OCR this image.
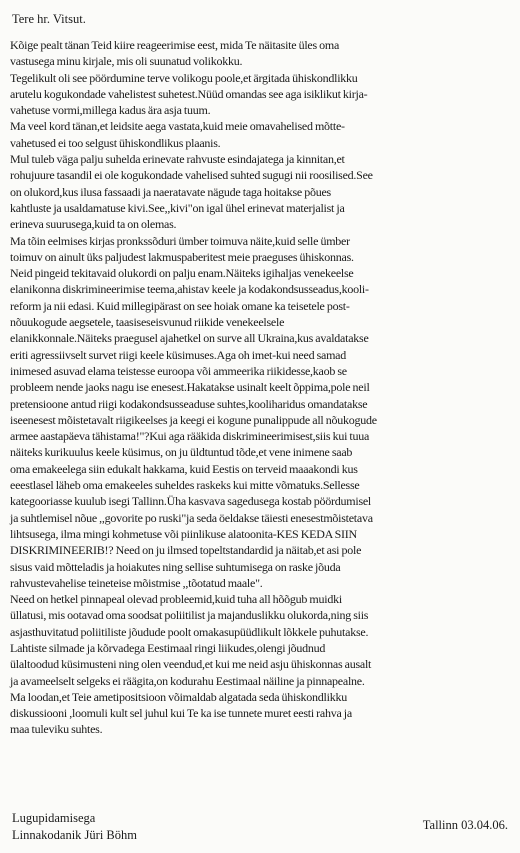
Tere hr. Vitsut.
Kõige pealt tänan Teid kiire reageerimise eest, mida Te näitasite üles oma
vastusega minu kirjale, mis oli suunatud volikokku.
Tegelikult oli see pöördumine terve volikogu poole,et ärgitada ühiskondlikku
arutelu kogukondade vahelistest suhetest.Nüüd omandas see aga isiklikut kirja-
vahetuse vormi,millega kadus ära asja tuum.
Ma veel kord tänan,et leidsite aega vastata,kuid meie omavahelised mõtte-
vahetused ei too selgust ühiskondlikus plaanis.
Mul tuleb väga palju suhelda erinevate rahvuste esindajatega ja kinnitan,et
rohujuure tasandil ei ole kogukondade vahelised suhted sugugi nii roosilised.See
on olukord,kus ilusa fassaadi ja naeratavate nägude taga hoitakse põues
kahtluste ja usaldamatuse kivi.See,,kivi"on igal ühel erinevat materjalist ja
erineva suurusega,kuid ta on olemas.
Ma tõin eelmises kirjas pronkssõduri ümber toimuva näite,kuid selle ümber
toimuv on ainult üks paljudest lakmuspaberitest meie praeguses ühiskonnas.
Neid pingeid tekitavaid olukordi on palju enam.Näiteks igihaljas venekeelse
elanikonna diskrimineerimise teema,ahistav keele ja kodakondsusseadus,kooli-
reform ja nii edasi. Kuid millegipärast on see hoiak omane ka teisetele post-
nõuukogude aegsetele, taasiseseisvunud riikide venekeelsele
elanikkonnale.Näiteks praegusel ajahetkel on surve all Ukraina,kus avaldatakse
eriti agressiivselt survet riigi keele küsimuses.Aga oh imet-kui need samad
inimesed asuvad elama teistesse euroopa või ammeerika riikidesse,kaob se
probleem nende jaoks nagu ise enesest.Hakatakse usinalt keelt õppima,pole neil
pretensioone antud riigi kodakondsusseaduse suhtes,kooliharidus omandatakse
iseenesest mõistetavalt riigikeelses ja keegi ei kogune punalippude all nõukogude
armee aastapäeva tähistama!"?Kui aga rääkida diskrimineerimisest,siis kui tuua
näiteks kurikuulus keele küsimus, on ju üldtuntud tõde,et vene inimene saab
oma emakeelega siin edukalt hakkama, kuid Eestis on terveid maaakondi kus
eeestlasel läheb oma emakeeles suheldes raskeks kui mitte võmatuks.Sellesse
kategooriasse kuulub isegi Tallinn.Üha kasvava sagedusega kostab pöördumisel
ja suhtlemisel nõue ,,govorite po ruski"ja seda öeldakse täiesti enesestmõistetava
lihtsusega, ilma mingi kohmetuse või piinlikuse alatoonita-KES KEDA SIIN
DISKRIMINEERIB!? Need on ju ilmsed topeltstandardid ja näitab,et asi pole
sisus vaid mõtteladis ja hoiakutes ning sellise suhtumisega on raske jõuda
rahvustevahelise teineteise mõistmise ,,tõotatud maale".
Need on hetkel pinnapeal olevad probleemid,kuid tuha all hõõgub muidki
üllatusi, mis ootavad oma soodsat poliitilist ja majanduslikku olukorda,ning siis
asjasthuvitatud poliitiliste jõudude poolt omakasupüüdlikult lõkkele puhutakse.
Lahtiste silmade ja kõrvadega Eestimaal ringi liikudes,olengi jõudnud
ülaltoodud küsimusteni ning olen veendud,et kui me neid asju ühiskonnas ausalt
ja avameelselt selgeks ei räägita,on kodurahu Eestimaal näiline ja pinnapealne.
Ma loodan,et Teie ametipositsioon võimaldab algatada seda ühiskondlikku
diskussiooni ,loomuli kult sel juhul kui Te ka ise tunnete muret eesti rahva ja
maa tuleviku suhtes.
Lugupidamisega
Linnakodanik Jüri Böhm
Tallinn 03.04.06.
